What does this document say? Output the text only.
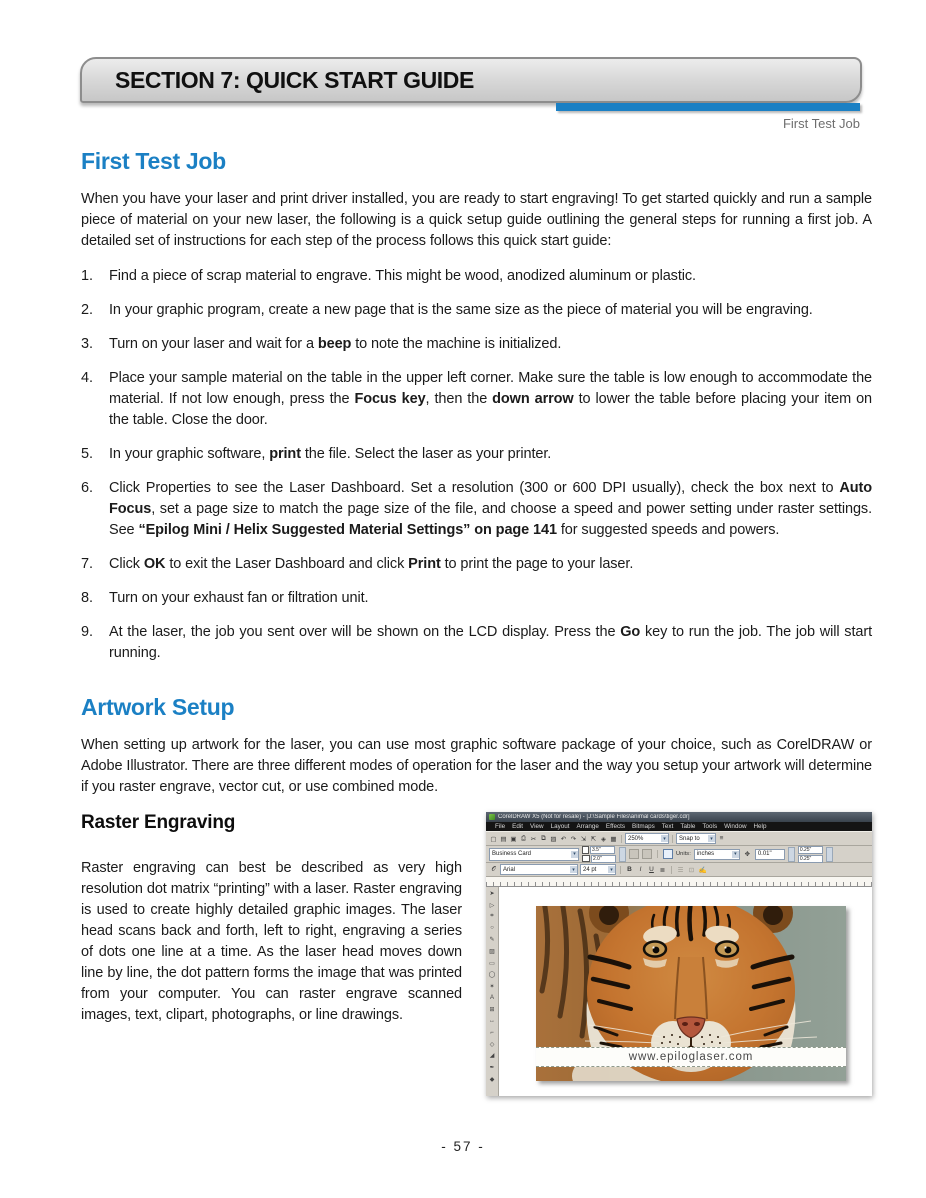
SECTION 7: QUICK START GUIDE
First Test Job
First Test Job

When you have your laser and print driver installed, you are ready to start engraving! To get started quickly and run a sample piece of material on your new laser, the following is a quick setup guide outlining the general steps for running a first job. A detailed set of instructions for each step of the process follows this quick start guide:

1. Find a piece of scrap material to engrave. This might be wood, anodized aluminum or plastic.
2. In your graphic program, create a new page that is the same size as the piece of material you will be engraving.
3. Turn on your laser and wait for a beep to note the machine is initialized.
4. Place your sample material on the table in the upper left corner. Make sure the table is low enough to accommodate the material. If not low enough, press the Focus key, then the down arrow to lower the table before placing your item on the table. Close the door.
5. In your graphic software, print the file. Select the laser as your printer.
6. Click Properties to see the Laser Dashboard. Set a resolution (300 or 600 DPI usually), check the box next to Auto Focus, set a page size to match the page size of the file, and choose a speed and power setting under raster settings. See “Epilog Mini / Helix Suggested Material Settings” on page 141 for suggested speeds and powers.
7. Click OK to exit the Laser Dashboard and click Print to print the page to your laser.
8. Turn on your exhaust fan or filtration unit.
9. At the laser, the job you sent over will be shown on the LCD display. Press the Go key to run the job. The job will start running.
Artwork Setup

When setting up artwork for the laser, you can use most graphic software package of your choice, such as CorelDRAW or Adobe Illustrator. There are three different modes of operation for the laser and the way you setup your artwork will determine if you raster engrave, vector cut, or use combined mode.

Raster Engraving

Raster engraving can best be described as very high resolution dot matrix “printing” with a laser. Raster engraving is used to create highly detailed graphic images. The laser head scans back and forth, left to right, engraving a series of dots one line at a time. As the laser head moves down line by line, the dot pattern forms the image that was printed from your computer. You can raster engrave scanned images, text, clipart, photographs, or line drawings.

CorelDRAW X5 (Not for resale) - [J:\Sample Files\animal cards\tiger.cdr]
File Edit View Layout Arrange Effects Bitmaps Text Table Tools Window Help
▢ ▤ ▣ ⎙ ✂ ⧉ ▨ ↶ ↷ ⇲ ⇱ ◈ ▦ 250%	▾	Snap to	▾	≡
Business Card	▾
3.5"
2.0"
Units: inches	▾	✥ 0.01"
0.25"
0.25"
𝒪	Arial	▾	24 pt	▾	B	I	U ≣ ☰ ⊡ ✍
➤
▷
⌗
○
✎
▨
▭
◯
✶
A
⊞
↔
⌐
◇
◢
✒
◆
www.epiloglaser.com
- 57 -
